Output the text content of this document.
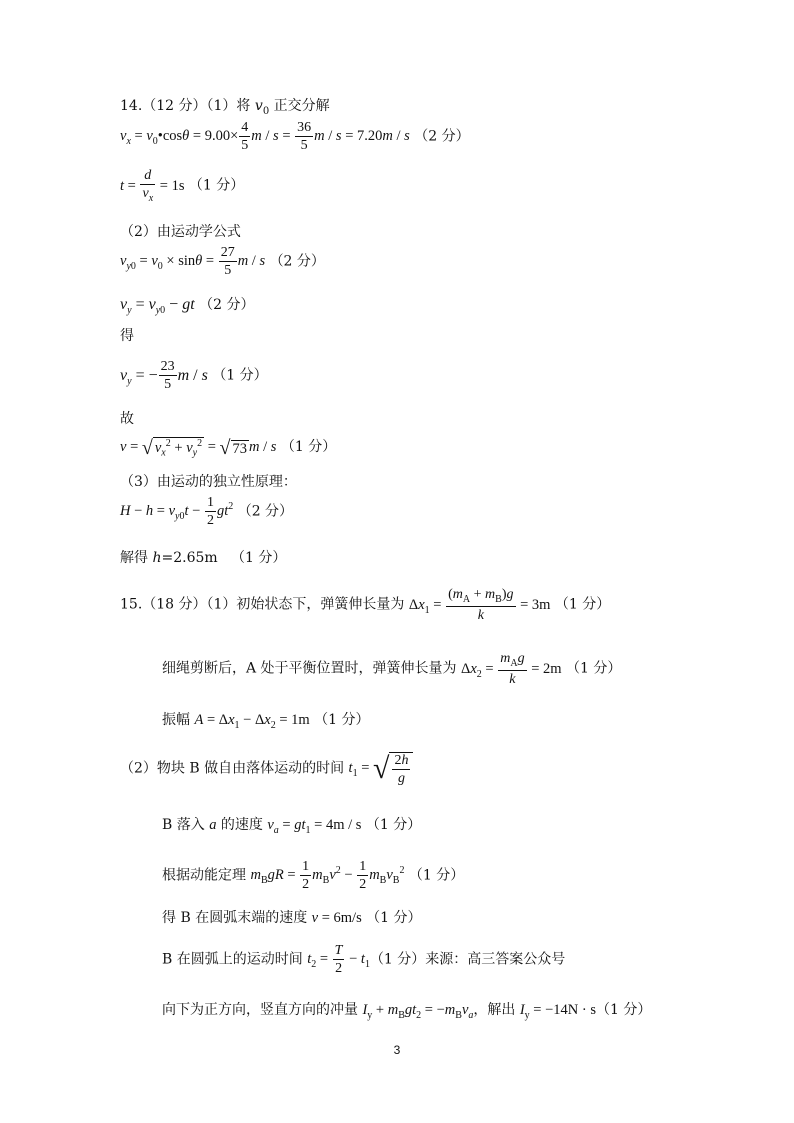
14.（12 分）（1）将 $v_0$ 正交分解
$v_x$ = $v_0•\cos\theta = 9.00\times \frac{4}{5}$ $m / s = \frac{36}{5}$ m / s = 7.20m / s （2 分）
$t = \frac{d}{v_x} = 1s$ （1 分）
（2）由运动学公式
$v_{y0} = v_0 \times \sin\theta = \frac{27}{5}$ m / s （2 分）
$v_y = v_{y0}$ − gt （2 分）
得
$v_y$ = − $\frac{23}{5}$ m / s （1 分）
故
v = √ $v_x^2 + v_y^2$ = √ 73 m / s （1 分）
（3）由运动的独立性原理：
$H - h = v_{y0}t - \frac{1}{2} gt^2$ （2 分）
解得 h=2.65m （1 分）
15.（18 分）（1）初始状态下，弹簧伸长量为 $\Delta x_1 = \frac{(m_A + m_B)g}{k} = 3m$ （1 分）
细绳剪断后，A 处于平衡位置时，弹簧伸长量为 $\Delta x_2 = \frac{m_Ag}{k} = 2m$ （1 分）
振幅 $A = \Delta x_1 - \Delta x_2 = 1m$ （1 分）
（2）物块 B 做自由落体运动的时间 $t_1$ = √ $\frac{2h}{g}$
B 落入 a 的速度 $v_a = gt_1 = 4m / s$ （1 分）
根据动能定理 $m_BgR = \frac{1}{2} m_Bv^2 - \frac{1}{2} m_Bv_B^2$ （1 分）
得 B 在圆弧末端的速度 v = 6m/s （1 分）
B 在圆弧上的运动时间 $t_2 = \frac{T}{2} - t_1(1$ 分）来源：高三答案公众号
向下为正方向，竖直方向的冲量 $I_y + m_Bgt_2 = -m_Bv_a$，解出 $I_y = -14N \cdot s(1$ 分）
3
